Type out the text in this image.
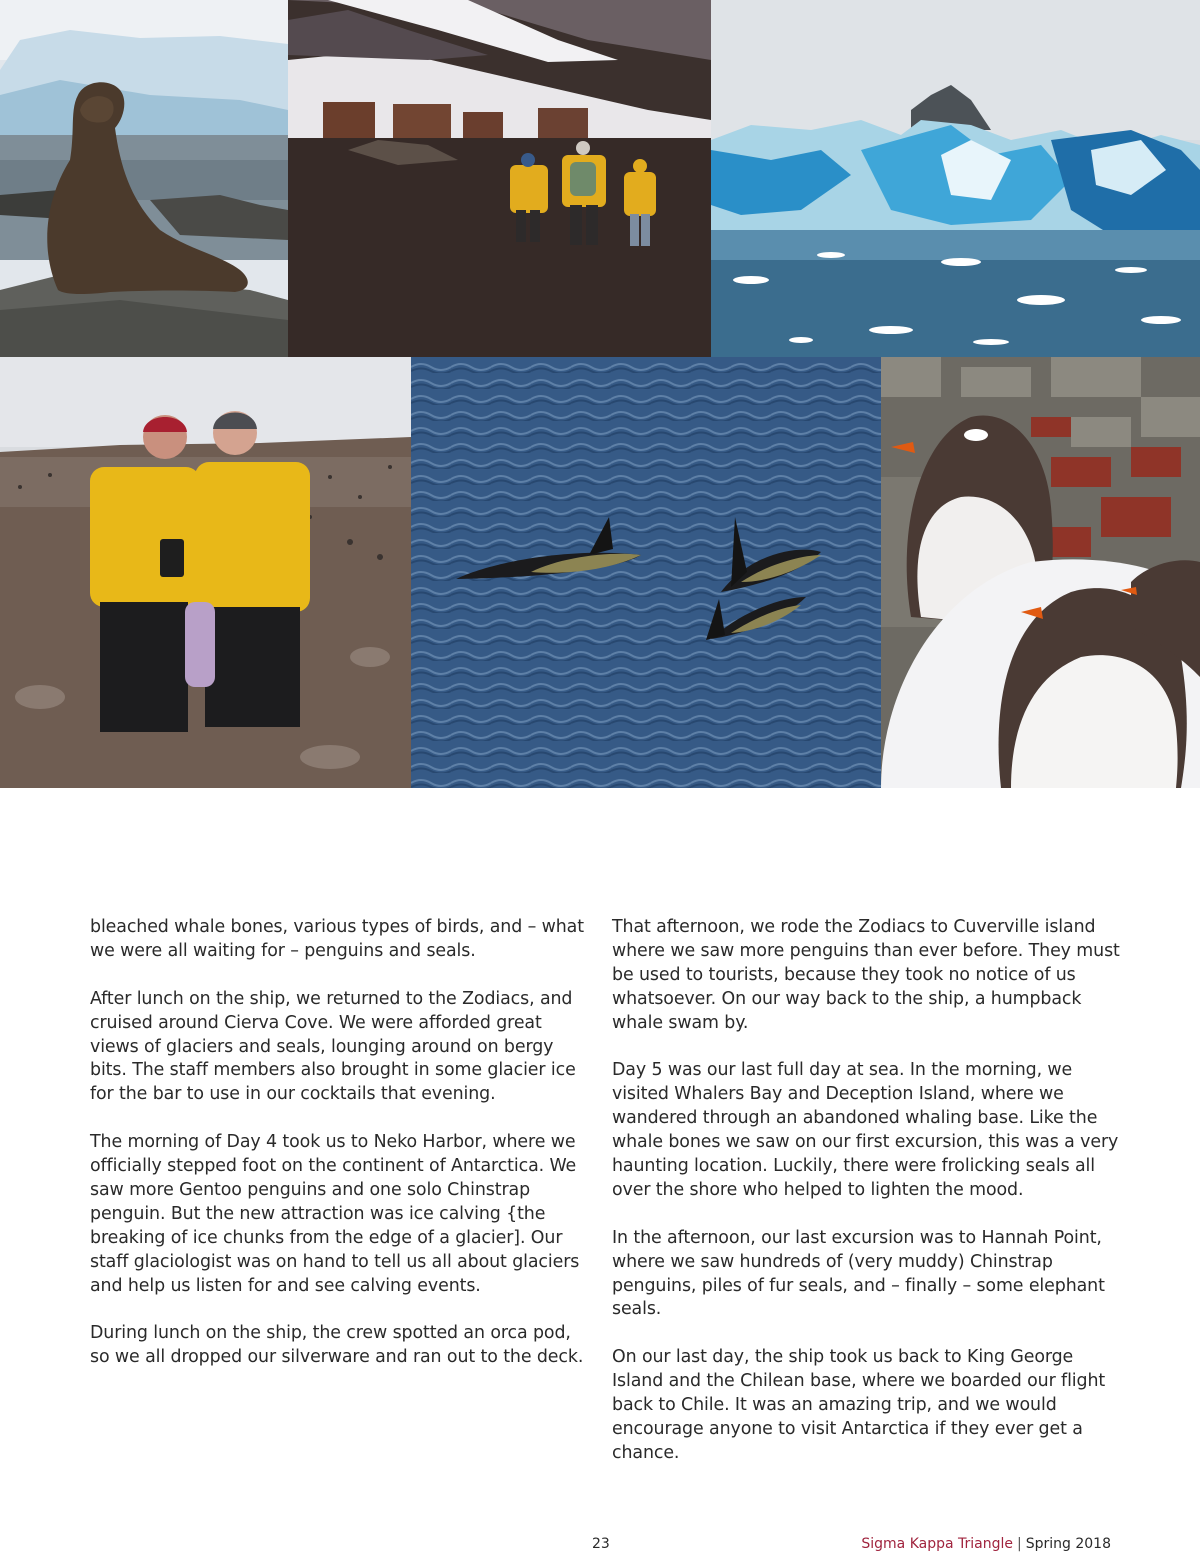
bleached whale bones, various types of birds, and – what we were all waiting for – penguins and seals.

After lunch on the ship, we returned to the Zodiacs, and cruised around Cierva Cove. We were afforded great views of glaciers and seals, lounging around on bergy bits. The staff members also brought in some glacier ice for the bar to use in our cocktails that evening.

The morning of Day 4 took us to Neko Harbor, where we officially stepped foot on the continent of Antarctica. We saw more Gentoo penguins and one solo Chinstrap penguin. But the new attraction was ice calving {the breaking of ice chunks from the edge of a glacier]. Our staff glaciologist was on hand to tell us all about glaciers and help us listen for and see calving events.

During lunch on the ship, the crew spotted an orca pod, so we all dropped our silverware and ran out to the deck.

That afternoon, we rode the Zodiacs to Cuverville island where we saw more penguins than ever before. They must be used to tourists, because they took no notice of us whatsoever. On our way back to the ship, a humpback whale swam by.

Day 5 was our last full day at sea. In the morning, we visited Whalers Bay and Deception Island, where we wandered through an abandoned whaling base. Like the whale bones we saw on our first excursion, this was a very haunting location. Luckily, there were frolicking seals all over the shore who helped to lighten the mood.

In the afternoon, our last excursion was to Hannah Point, where we saw hundreds of (very muddy) Chinstrap penguins, piles of fur seals, and – finally – some elephant seals.

On our last day, the ship took us back to King George Island and the Chilean base, where we boarded our flight back to Chile. It was an amazing trip, and we would encourage anyone to visit Antarctica if they ever get a chance.

23	Sigma Kappa Triangle | Spring 2018
